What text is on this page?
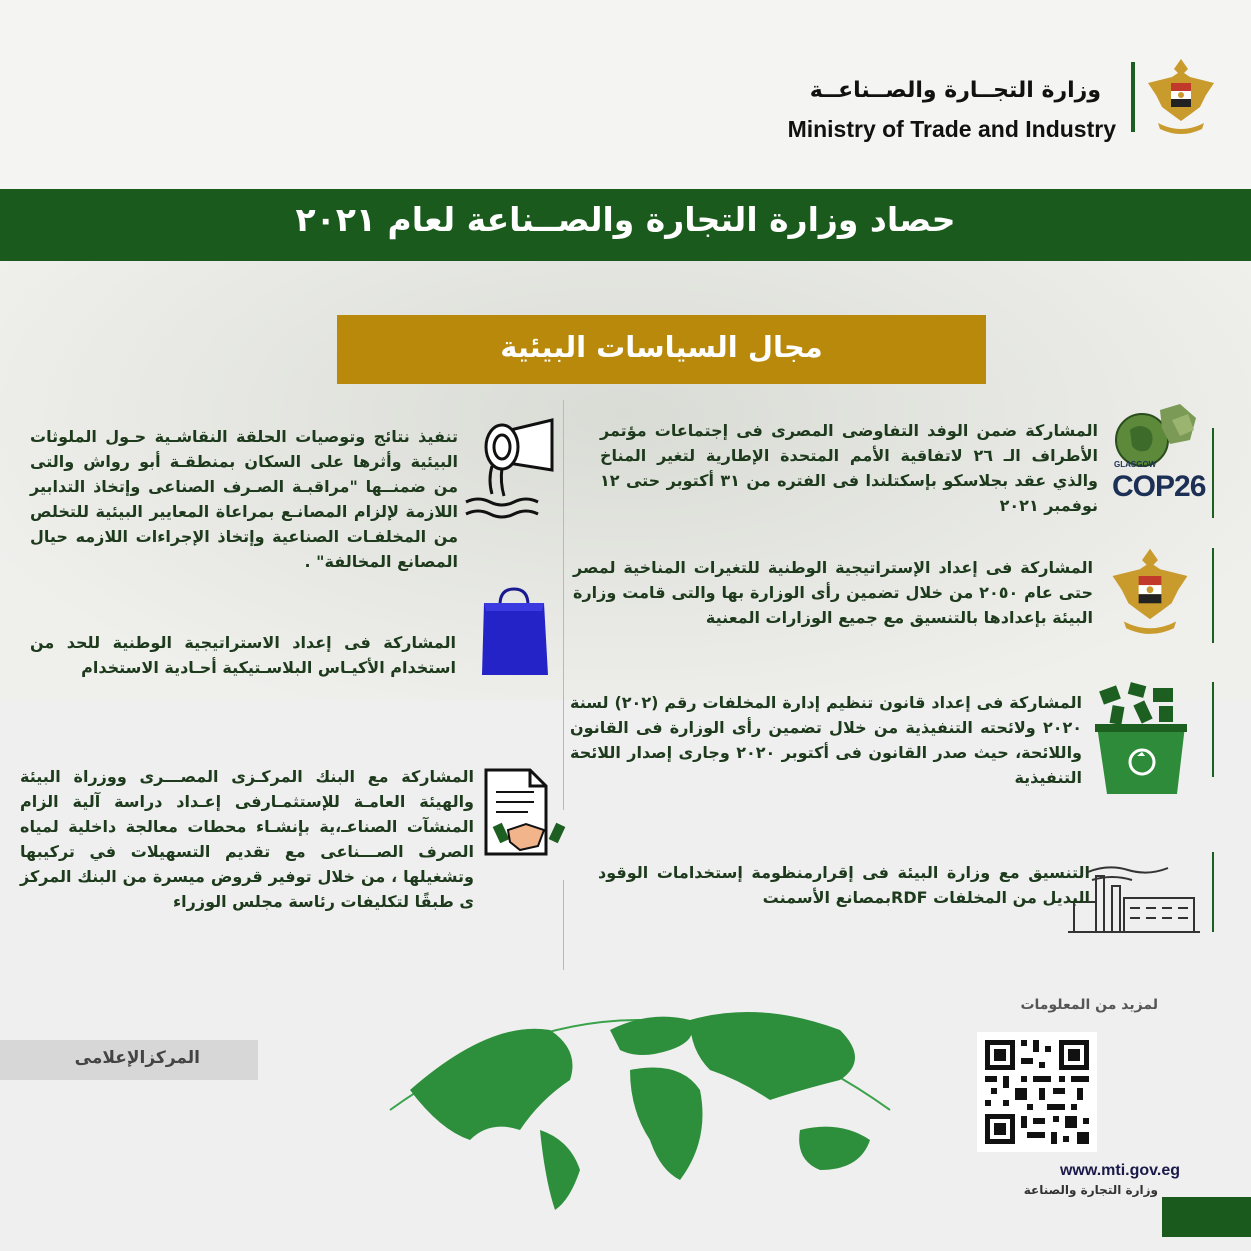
وزارة التجــارة والصــناعــة
Ministry of Trade and Industry
حصاد وزارة التجارة والصــناعة لعام ٢٠٢١
مجال السياسات البيئية
GLASGOW
COP26
المشاركة ضمن الوفد التفاوضى المصرى فى إجتماعات مؤتمر الأطراف الـ ٢٦ لاتفاقية الأمم المتحدة الإطارية لتغير المناخ والذي عقد بجلاسكو بإسكتلندا فى الفتره من ٣١ أكتوبر حتى ١٢ نوفمبر ٢٠٢١
المشاركة فى إعداد الإستراتيجية الوطنية للتغيرات المناخية لمصر حتى عام ٢٠٥٠ من خلال تضمين رأى الوزارة بها والتى قامت وزارة البيئة بإعدادها بالتنسيق مع جميع الوزارات المعنية
المشاركة فى إعداد قانون تنظيم إدارة المخلفات رقم (٢٠٢) لسنة ٢٠٢٠ ولائحته التنفيذية من خلال تضمين رأى الوزارة فى القانون واللائحة، حيث صدر القانون فى أكتوبر ٢٠٢٠ وجارى إصدار اللائحة التنفيذية
التنسيق مع وزارة البيئة فى إقرارمنظومة إستخدامات الوقود البديل من المخلفات RDFبمصانع الأسمنت
تنفيذ نتائج وتوصيات الحلقة النقاشـية حـول الملوثات البيئية وأثرها على السكان بمنطقـة أبو رواش والتى من ضمنــها "مراقبـة الصـرف الصناعى وإتخاذ التدابير اللازمة لإلزام المصانـع بمراعاة المعايير البيئية للتخلص من المخلفـات الصناعية وإتخاذ الإجراءات اللازمه حيال المصانع المخالفة" .
المشاركة فى إعداد الاستراتيجية الوطنية للحد من استخدام الأكيـاس البلاسـتيكية أحـادية الاستخدام
المشاركة مع البنك المركـزى المصـــرى ووزراة البيئة والهيئة العامـة للإستثمـارفى إعـداد دراسة آلية الزام المنشآت الصناعـ،ية بإنشـاء محطات معالجة داخلية لمياه الصرف الصـــناعى مع تقديم التسهيلات في تركيبها وتشغيلها ، من خلال توفير قروض ميسرة من البنك المركز ى طبقًا لتكليفات رئاسة مجلس الوزراء
المركزالإعلامى
لمزيد من المعلومات
www.mti.gov.eg
وزارة التجارة والصناعة
